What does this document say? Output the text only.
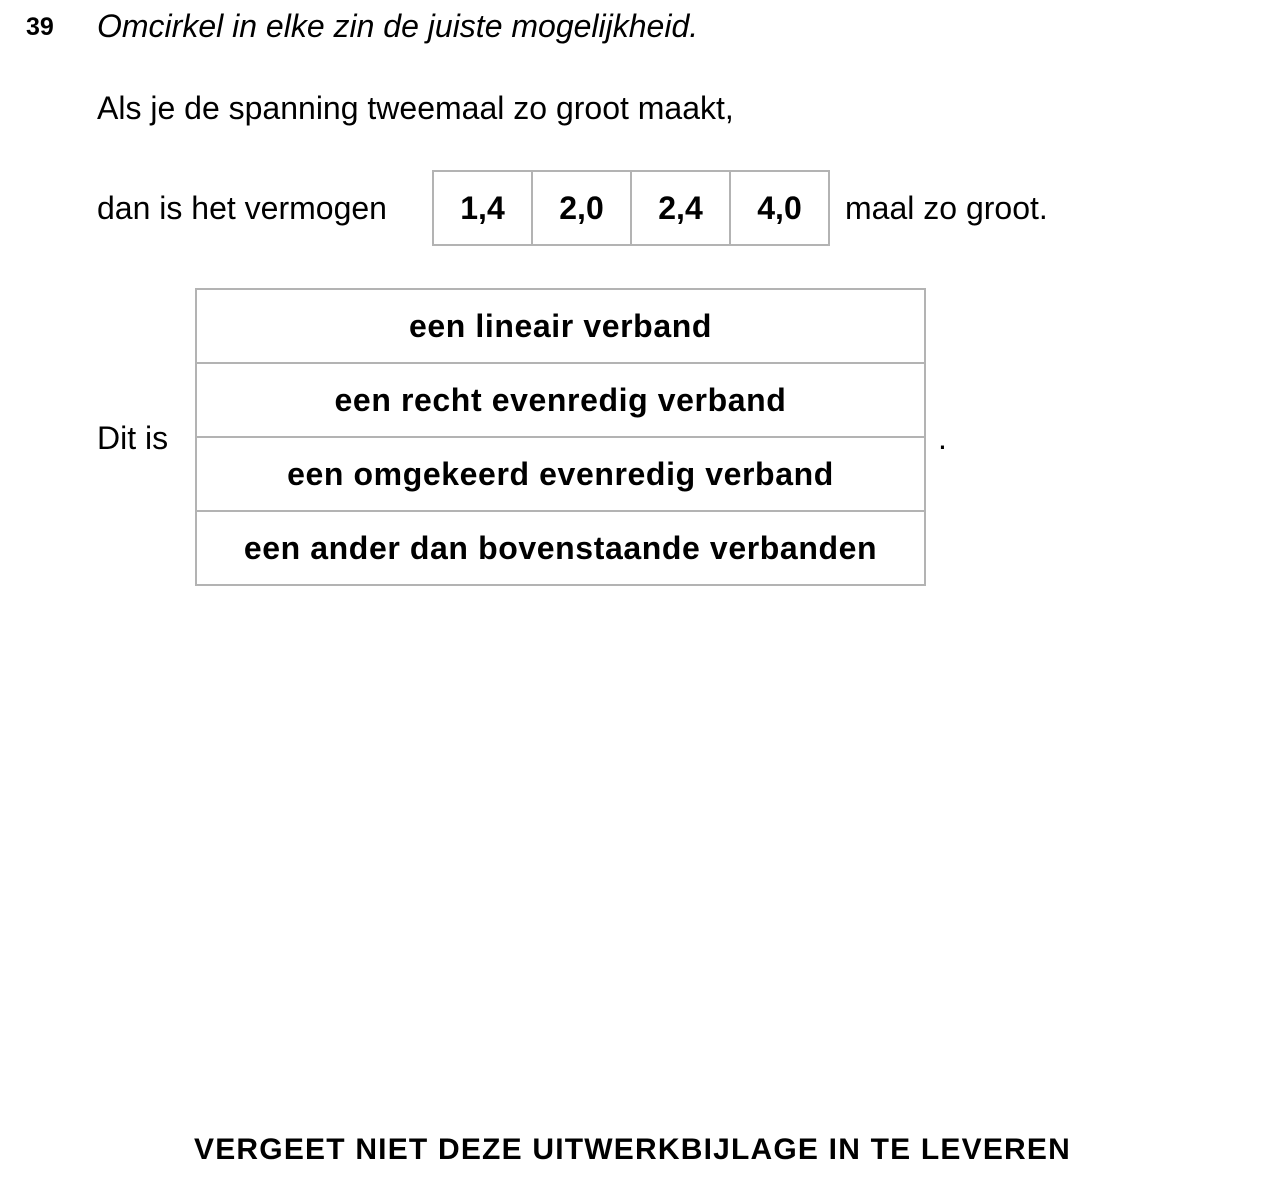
39 Omcirkel in elke zin de juiste mogelijkheid.
Als je de spanning tweemaal zo groot maakt,
dan is het vermogen	1,4	2,0	2,4	4,0	maal zo groot.
Dit is
een lineair verband
een recht evenredig verband
een omgekeerd evenredig verband
een ander dan bovenstaande verbanden
.
VERGEET NIET DEZE UITWERKBIJLAGE IN TE LEVEREN
